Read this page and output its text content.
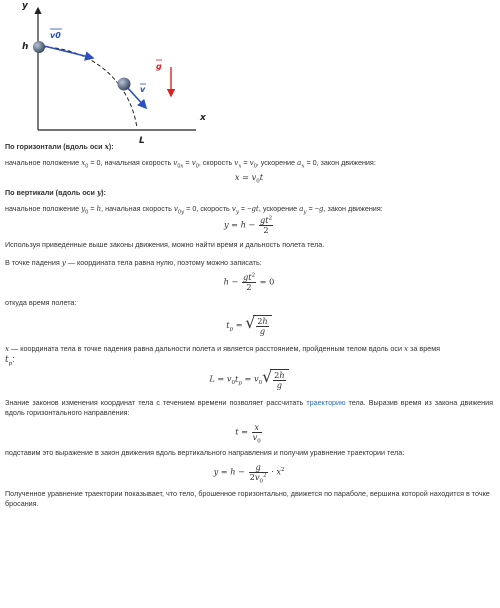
y
x
h
L
v0
v
g

По горизонтали (вдоль оси x):

начальное положение $x_0 = 0$, начальная скорость $v_{0x} = v_0$, скорость $v_x = v_0$, ускорение $a_x = 0$, закон движения:

$x = v_0t$

По вертикали (вдоль оси y):

начальное положение $y_0 = h$, начальная скорость $v_{0y} = 0$, скорость $v_y = -gt$, ускорение $a_y = -g$, закон движения:

$y = h - \frac{gt^2}{2}$

Используя приведенные выше законы движения, можно найти время и дальность полета тела.

В точке падения y — координата тела равна нулю, поэтому можно записать:

$h - \frac{gt^2}{2} = 0$

откуда время полета:

$t_p$ = √ $\frac{2h}{g}$

x — координата тела в точке падения равна дальности полета и является расстоянием, пройденным телом вдоль оси x за время

$t_p$:

$L = v_0t_p = v_0$ √ $\frac{2h}{g}$

Знание законов изменения координат тела с течением времени позволяет рассчитать траекторию тела. Выразив время из закона движения вдоль горизонтального направления:

$t = \frac{x}{v_0}$

подставим это выражение в закон движения вдоль вертикального направления и получим уравнение траектории тела:

$y = h - \frac{g}{2v_0^2} \cdot x^2$

Полученное уравнение траектории показывает, что тело, брошенное горизонтально, движется по параболе, вершина которой находится в точке бросания.
